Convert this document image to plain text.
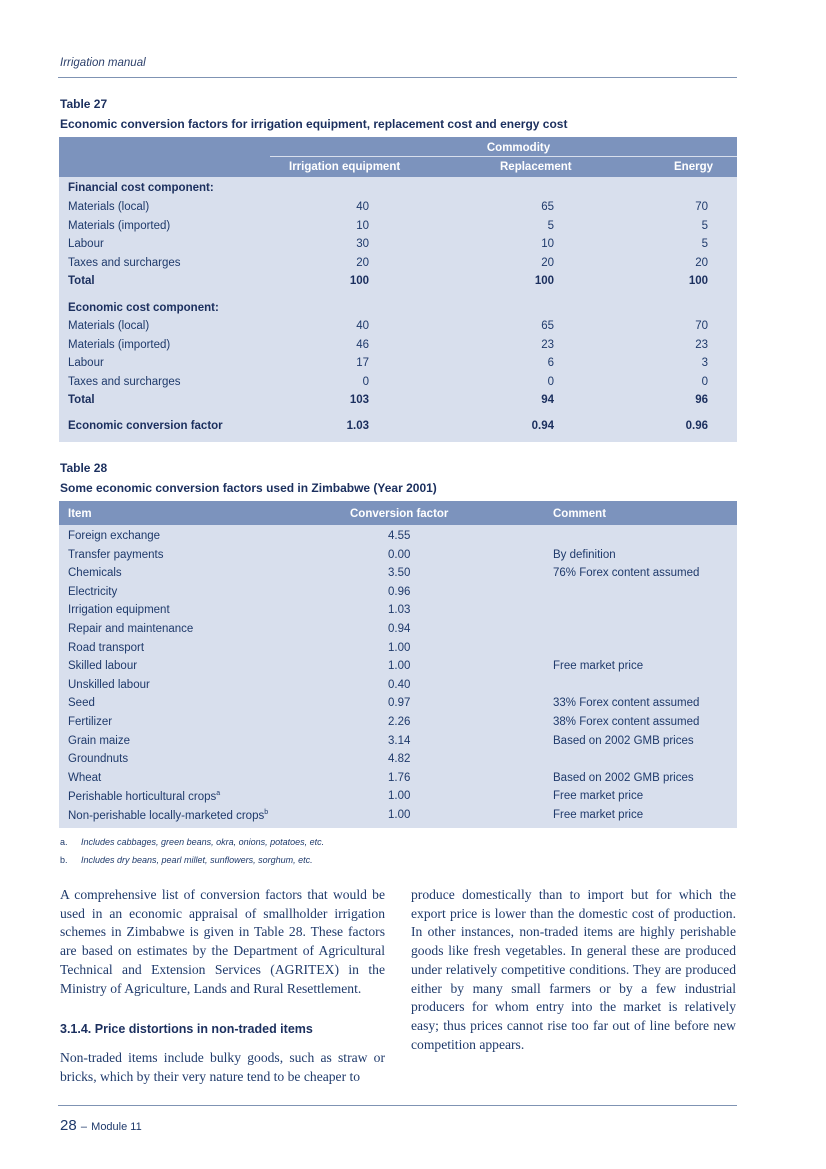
Irrigation manual
Table 27
Economic conversion factors for irrigation equipment, replacement cost and energy cost
Commodity
Irrigation equipment	Replacement	Energy
Financial cost component:
Materials (local)	40	65	70
Materials (imported)	10	5	5
Labour	30	10	5
Taxes and surcharges	20	20	20
Total	100	100	100
Economic cost component:
Materials (local)	40	65	70
Materials (imported)	46	23	23
Labour	17	6	3
Taxes and surcharges	0	0	0
Total	103	94	96
Economic conversion factor	1.03	0.94	0.96
Table 28
Some economic conversion factors used in Zimbabwe (Year 2001)
Item	Conversion factor	Comment
Foreign exchange	4.55
Transfer payments	0.00	By definition
Chemicals	3.50	76% Forex content assumed
Electricity	0.96
Irrigation equipment	1.03
Repair and maintenance	0.94
Road transport	1.00
Skilled labour	1.00	Free market price
Unskilled labour	0.40
Seed	0.97	33% Forex content assumed
Fertilizer	2.26	38% Forex content assumed
Grain maize	3.14	Based on 2002 GMB prices
Groundnuts	4.82
Wheat	1.76	Based on 2002 GMB prices
Perishable horticultural crops$^a$	1.00	Free market price
Non-perishable locally-marketed crops$^b$	1.00	Free market price
a. Includes cabbages, green beans, okra, onions, potatoes, etc.
b. Includes dry beans, pearl millet, sunflowers, sorghum, etc.
A comprehensive list of conversion factors that would be used in an economic appraisal of smallholder irrigation schemes in Zimbabwe is given in Table 28. These factors are based on estimates by the Department of Agricultural Technical and Extension Services (AGRITEX) in the Ministry of Agriculture, Lands and Rural Resettlement.
3.1.4. Price distortions in non-traded items
Non-traded items include bulky goods, such as straw or bricks, which by their very nature tend to be cheaper to
produce domestically than to import but for which the export price is lower than the domestic cost of production. In other instances, non-traded items are highly perishable goods like fresh vegetables. In general these are produced under relatively competitive conditions. They are produced either by many small farmers or by a few industrial producers for whom entry into the market is relatively easy; thus prices cannot rise too far out of line before new competition appears.
28 – Module 11
